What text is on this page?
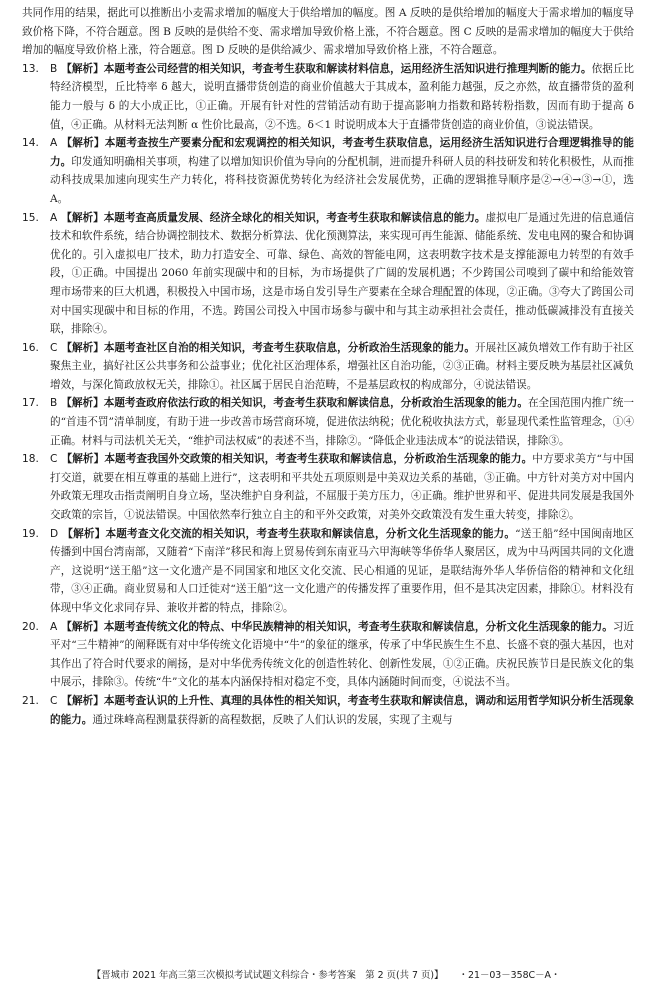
共同作用的结果，据此可以推断出小麦需求增加的幅度大于供给增加的幅度。图 A 反映的是供给增加的幅度大于需求增加的幅度导致价格下降，不符合题意。图 B 反映的是供给不变、需求增加导致价格上涨，不符合题意。图 C 反映的是需求增加的幅度大于供给增加的幅度导致价格上涨，符合题意。图 D 反映的是供给减少、需求增加导致价格上涨，不符合题意。

13.	B 【解析】本题考查公司经营的相关知识，考查考生获取和解读材料信息，运用经济生活知识进行推理判断的能力。依据丘比特经济模型，丘比特率 δ 越大，说明直播带货创造的商业价值越大于其成本，盈利能力越强，反之亦然，故直播带货的盈利能力一般与 δ 的大小成正比，①正确。开展有针对性的营销活动有助于提高影响力指数和路转粉指数，因而有助于提高 δ 值，④正确。从材料无法判断 α 性价比最高，②不选。δ＜1 时说明成本大于直播带货创造的商业价值，③说法错误。
14.	A 【解析】本题考查按生产要素分配和宏观调控的相关知识，考查考生获取信息，运用经济生活知识进行合理逻辑推导的能力。印发通知明确相关事项，构建了以增加知识价值为导向的分配机制，进而提升科研人员的科技研发和转化积极性，从而推动科技成果加速向现实生产力转化，将科技资源优势转化为经济社会发展优势，正确的逻辑推导顺序是②→④→③→①，选 A。
15.	A 【解析】本题考查高质量发展、经济全球化的相关知识，考查考生获取和解读信息的能力。虚拟电厂是通过先进的信息通信技术和软件系统，结合协调控制技术、数据分析算法、优化预测算法，来实现可再生能源、储能系统、发电电网的聚合和协调优化的。引入虚拟电厂技术，助力打造安全、可靠、绿色、高效的智能电网，这表明数字技术是支撑能源电力转型的有效手段，①正确。中国提出 2060 年前实现碳中和的目标，为市场提供了广阔的发展机遇；不少跨国公司嗅到了碳中和给能效管理市场带来的巨大机遇，积极投入中国市场，这是市场自发引导生产要素在全球合理配置的体现，②正确。③夸大了跨国公司对中国实现碳中和目标的作用，不选。跨国公司投入中国市场参与碳中和与其主动承担社会责任，推动低碳减排没有直接关联，排除④。
16.	C 【解析】本题考查社区自治的相关知识，考查考生获取信息，分析政治生活现象的能力。开展社区减负增效工作有助于社区聚焦主业，搞好社区公共事务和公益事业；优化社区治理体系，增强社区自治功能，②③正确。材料主要反映为基层社区减负增效，与深化简政放权无关，排除①。社区属于居民自治范畴，不是基层政权的构成部分，④说法错误。
17.	B 【解析】本题考查政府依法行政的相关知识，考查考生获取和解读信息，分析政治生活现象的能力。在全国范围内推广统一的“首违不罚”清单制度，有助于进一步改善市场营商环境，促进依法纳税；优化税收执法方式，彰显现代柔性监管理念，①④正确。材料与司法机关无关，“维护司法权威”的表述不当，排除②。“降低企业违法成本”的说法错误，排除③。
18.	C 【解析】本题考查我国外交政策的相关知识，考查考生获取和解读信息，分析政治生活现象的能力。中方要求美方“与中国打交道，就要在相互尊重的基础上进行”，这表明和平共处五项原则是中美双边关系的基础，③正确。中方针对美方对中国内外政策无理攻击指责阐明自身立场，坚决维护自身利益，不屈服于美方压力，④正确。维护世界和平、促进共同发展是我国外交政策的宗旨，①说法错误。中国依然奉行独立自主的和平外交政策，对美外交政策没有发生重大转变，排除②。
19.	D 【解析】本题考查文化交流的相关知识，考查考生获取和解读信息，分析文化生活现象的能力。“送王船”经中国闽南地区传播到中国台湾南部，又随着“下南洋”移民和海上贸易传到东南亚马六甲海峡等华侨华人聚居区，成为中马两国共同的文化遗产，这说明“送王船”这一文化遗产是不同国家和地区文化交流、民心相通的见证，是联结海外华人华侨信俗的精神和文化纽带，③④正确。商业贸易和人口迁徙对“送王船”这一文化遗产的传播发挥了重要作用，但不是其决定因素，排除①。材料没有体现中华文化求同存异、兼收并蓄的特点，排除②。
20.	A 【解析】本题考查传统文化的特点、中华民族精神的相关知识，考查考生获取和解读信息，分析文化生活现象的能力。习近平对“三牛精神”的阐释既有对中华传统文化语境中“牛”的象征的继承，传承了中华民族生生不息、长盛不衰的强大基因，也对其作出了符合时代要求的阐扬，是对中华优秀传统文化的创造性转化、创新性发展，①②正确。庆祝民族节日是民族文化的集中展示，排除③。传统“牛”文化的基本内涵保持相对稳定不变，具体内涵随时间而变，④说法不当。
21.	C 【解析】本题考查认识的上升性、真理的具体性的相关知识，考查考生获取和解读信息，调动和运用哲学知识分析生活现象的能力。通过珠峰高程测量获得新的高程数据，反映了人们认识的发展，实现了主观与
【晋城市 2021 年高三第三次模拟考试试题文科综合・参考答案　第 2 页(共 7 页)】 ・21－03－358C－A・
